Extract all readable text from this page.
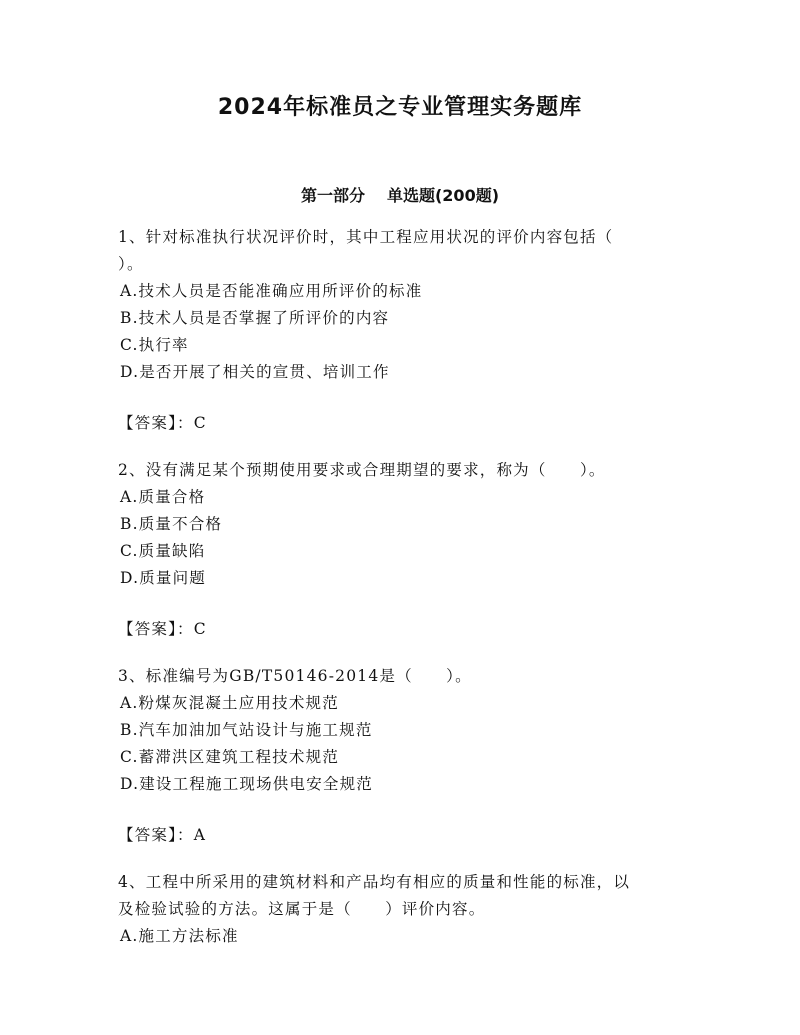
2024年标准员之专业管理实务题库
第一部分 单选题(200题)

1、针对标准执行状况评价时，其中工程应用状况的评价内容包括（

）。

A.技术人员是否能准确应用所评价的标准

B.技术人员是否掌握了所评价的内容

C.执行率

D.是否开展了相关的宣贯、培训工作

【答案】：C

2、没有满足某个预期使用要求或合理期望的要求，称为（　　）。

A.质量合格

B.质量不合格

C.质量缺陷

D.质量问题

【答案】：C

3、标准编号为GB/T50146-2014是（　　）。

A.粉煤灰混凝土应用技术规范

B.汽车加油加气站设计与施工规范

C.蓄滞洪区建筑工程技术规范

D.建设工程施工现场供电安全规范

【答案】：A

4、工程中所采用的建筑材料和产品均有相应的质量和性能的标准，以

及检验试验的方法。这属于是（　　）评价内容。

A.施工方法标准
